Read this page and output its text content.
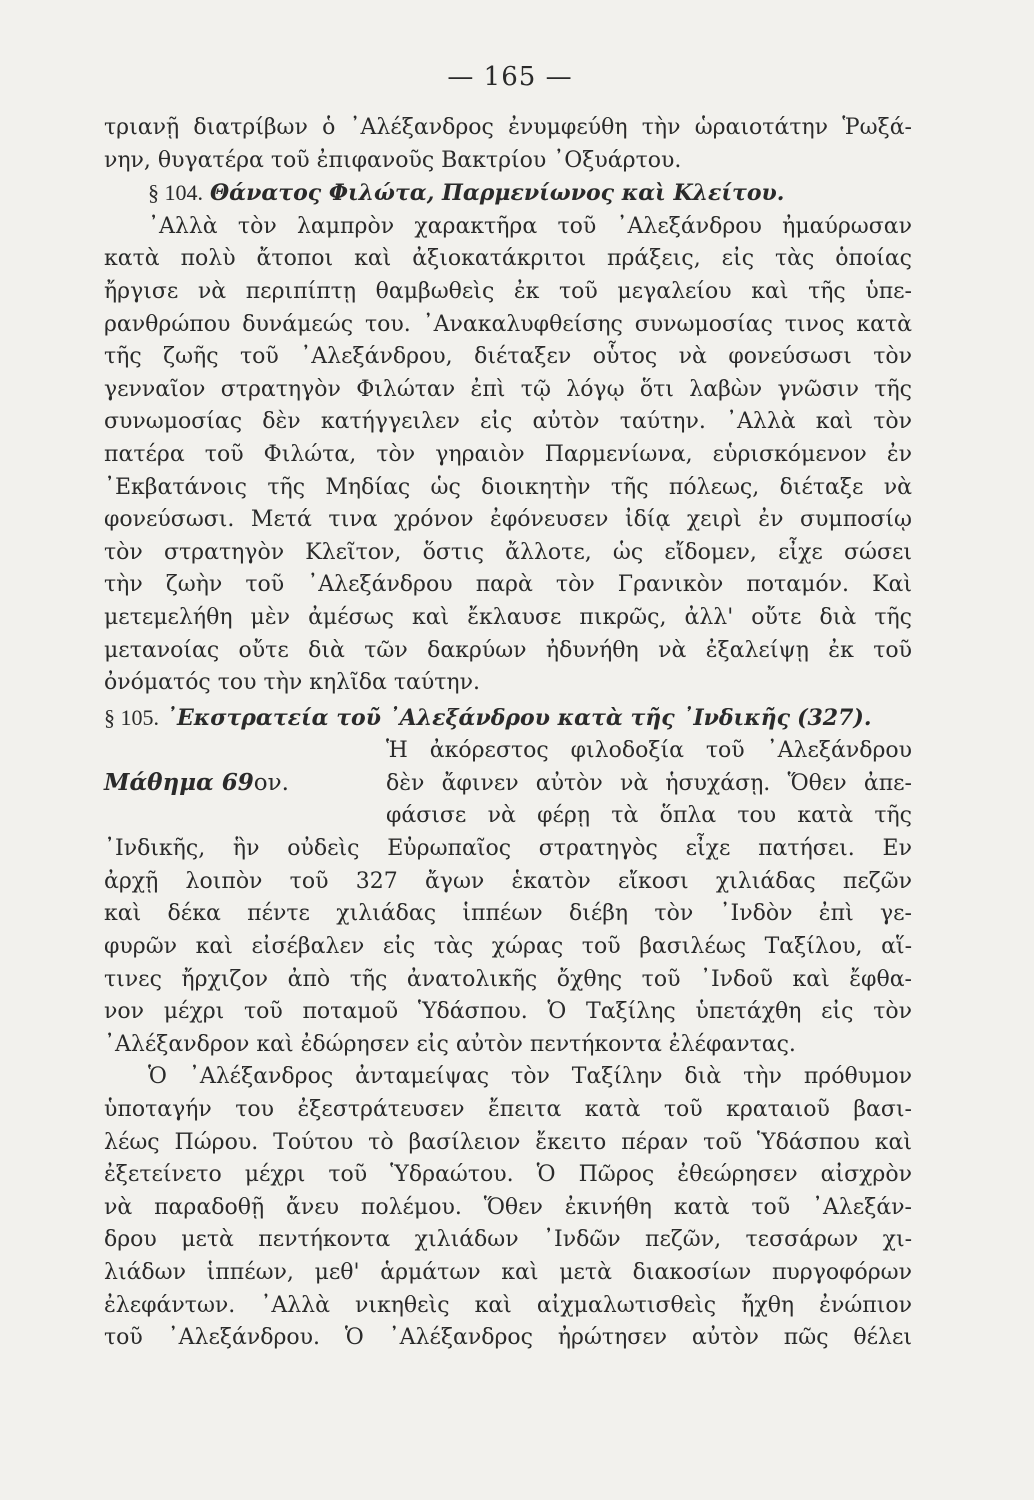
— 165 —
τριανῇ διατρίβων ὁ ᾿Αλέξανδρος ἐνυμφεύθη τὴν ὡραιοτάτην Ῥωξά-
νην, θυγατέρα τοῦ ἐπιφανοῦς Βακτρίου ᾿Οξυάρτου.
§ 104. Θάνατος Φιλώτα, Παρμενίωνος καὶ Κλείτου.
᾿Αλλὰ τὸν λαμπρὸν χαρακτῆρα τοῦ ᾿Αλεξάνδρου ἠμαύρωσαν
κατὰ πολὺ ἄτοποι καὶ ἀξιοκατάκριτοι πράξεις, εἰς τὰς ὁποίας
ἤργισε νὰ περιπίπτῃ θαμβωθεὶς ἐκ τοῦ μεγαλείου καὶ τῆς ὑπε-
ρανθρώπου δυνάμεώς του. ᾿Ανακαλυφθείσης συνωμοσίας τινος κατὰ
τῆς ζωῆς τοῦ ᾿Αλεξάνδρου, διέταξεν οὗτος νὰ φονεύσωσι τὸν
γενναῖον στρατηγὸν Φιλώταν ἐπὶ τῷ λόγῳ ὅτι λαβὼν γνῶσιν τῆς
συνωμοσίας δὲν κατήγγειλεν εἰς αὐτὸν ταύτην. ᾿Αλλὰ καὶ τὸν
πατέρα τοῦ Φιλώτα, τὸν γηραιὸν Παρμενίωνα, εὑρισκόμενον ἐν
᾿Εκβατάνοις τῆς Μηδίας ὡς διοικητὴν τῆς πόλεως, διέταξε νὰ
φονεύσωσι. Μετά τινα χρόνον ἐφόνευσεν ἰδίᾳ χειρὶ ἐν συμποσίῳ
τὸν στρατηγὸν Κλεῖτον, ὅστις ἄλλοτε, ὡς εἴδομεν, εἶχε σώσει
τὴν ζωὴν τοῦ ᾿Αλεξάνδρου παρὰ τὸν Γρανικὸν ποταμόν. Καὶ
μετεμελήθη μὲν ἀμέσως καὶ ἔκλαυσε πικρῶς, ἀλλ' οὔτε διὰ τῆς
μετανοίας οὔτε διὰ τῶν δακρύων ἠδυνήθη νὰ ἐξαλείψῃ ἐκ τοῦ
ὀνόματός του τὴν κηλῖδα ταύτην.
§ 105. ᾿Εκστρατεία τοῦ ᾿Αλεξάνδρου κατὰ τῆς ᾿Ινδικῆς (327).
Μάθημα 69ον.
Ἡ ἀκόρεστος φιλοδοξία τοῦ ᾿Αλεξάνδρου
δὲν ἄφινεν αὐτὸν νὰ ἡσυχάσῃ. Ὅθεν ἀπε-
φάσισε νὰ φέρῃ τὰ ὅπλα του κατὰ τῆς
᾿Ινδικῆς, ἣν οὐδεὶς Εὐρωπαῖος στρατηγὸς εἶχε πατήσει. Εν
ἀρχῇ λοιπὸν τοῦ 327 ἄγων ἑκατὸν εἴκοσι χιλιάδας πεζῶν
καὶ δέκα πέντε χιλιάδας ἱππέων διέβη τὸν ᾿Ινδὸν ἐπὶ γε-
φυρῶν καὶ εἰσέβαλεν εἰς τὰς χώρας τοῦ βασιλέως Ταξίλου, αἵ-
τινες ἤρχιζον ἀπὸ τῆς ἀνατολικῆς ὄχθης τοῦ ᾿Ινδοῦ καὶ ἔφθα-
νον μέχρι τοῦ ποταμοῦ Ὑδάσπου. Ὁ Ταξίλης ὑπετάχθη εἰς τὸν
᾿Αλέξανδρον καὶ ἐδώρησεν εἰς αὐτὸν πεντήκοντα ἐλέφαντας.
Ὁ ᾿Αλέξανδρος ἀνταμείψας τὸν Ταξίλην διὰ τὴν πρόθυμον
ὑποταγήν του ἐξεστράτευσεν ἔπειτα κατὰ τοῦ κραταιοῦ βασι-
λέως Πώρου. Τούτου τὸ βασίλειον ἔκειτο πέραν τοῦ Ὑδάσπου καὶ
ἐξετείνετο μέχρι τοῦ Ὑδραώτου. Ὁ Πῶρος ἐθεώρησεν αἰσχρὸν
νὰ παραδοθῇ ἄνευ πολέμου. Ὅθεν ἐκινήθη κατὰ τοῦ ᾿Αλεξάν-
δρου μετὰ πεντήκοντα χιλιάδων ᾿Ινδῶν πεζῶν, τεσσάρων χι-
λιάδων ἱππέων, μεθ' ἁρμάτων καὶ μετὰ διακοσίων πυργοφόρων
ἐλεφάντων. ᾿Αλλὰ νικηθεὶς καὶ αἰχμαλωτισθεὶς ἤχθη ἐνώπιον
τοῦ ᾿Αλεξάνδρου. Ὁ ᾿Αλέξανδρος ἠρώτησεν αὐτὸν πῶς θέλει
